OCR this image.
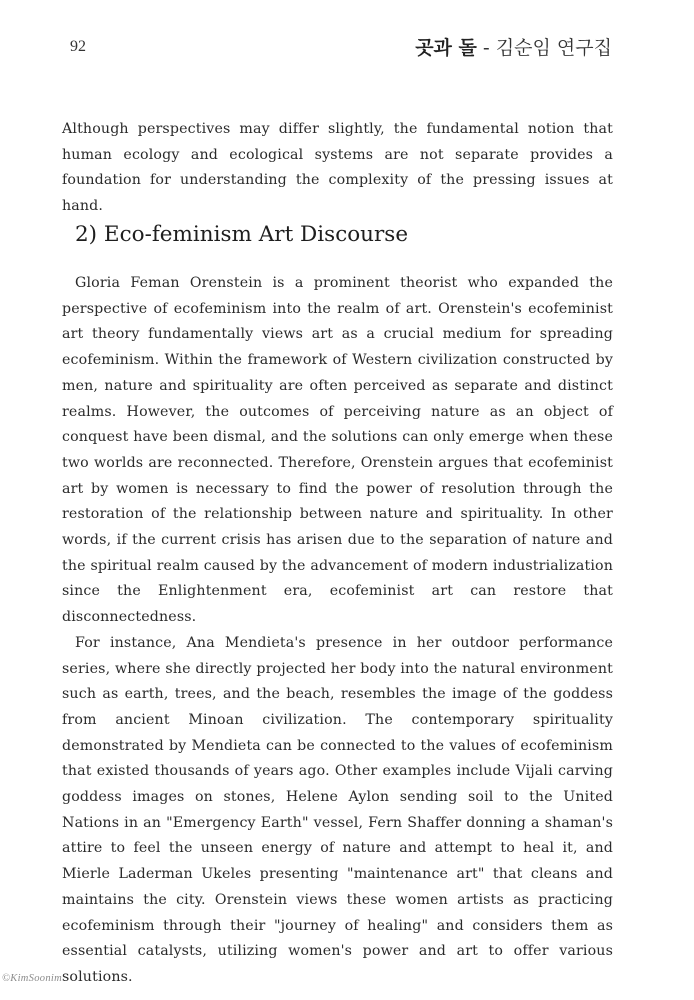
92	곳과 돌 - 김순임 연구집

Although perspectives may differ slightly, the fundamental notion that human ecology and ecological systems are not separate provides a foundation for understanding the complexity of the pressing issues at hand.

2) Eco-feminism Art Discourse

Gloria Feman Orenstein is a prominent theorist who expanded the perspective of ecofeminism into the realm of art. Orenstein's ecofeminist art theory fundamentally views art as a crucial medium for spreading ecofeminism. Within the framework of Western civilization constructed by men, nature and spirituality are often perceived as separate and distinct realms. However, the outcomes of perceiving nature as an object of conquest have been dismal, and the solutions can only emerge when these two worlds are reconnected. Therefore, Orenstein argues that ecofeminist art by women is necessary to find the power of resolution through the restoration of the relationship between nature and spirituality. In other words, if the current crisis has arisen due to the separation of nature and the spiritual realm caused by the advancement of modern industrialization since the Enlightenment era, ecofeminist art can restore that disconnectedness.

For instance, Ana Mendieta's presence in her outdoor performance series, where she directly projected her body into the natural environment such as earth, trees, and the beach, resembles the image of the goddess from ancient Minoan civilization. The contemporary spirituality demonstrated by Mendieta can be connected to the values of ecofeminism that existed thousands of years ago. Other examples include Vijali carving goddess images on stones, Helene Aylon sending soil to the United Nations in an "Emergency Earth" vessel, Fern Shaffer donning a shaman's attire to feel the unseen energy of nature and attempt to heal it, and Mierle Laderman Ukeles presenting "maintenance art" that cleans and maintains the city. Orenstein views these women artists as practicing ecofeminism through their "journey of healing" and considers them as essential catalysts, utilizing women's power and art to offer various solutions.

©KimSoonim
